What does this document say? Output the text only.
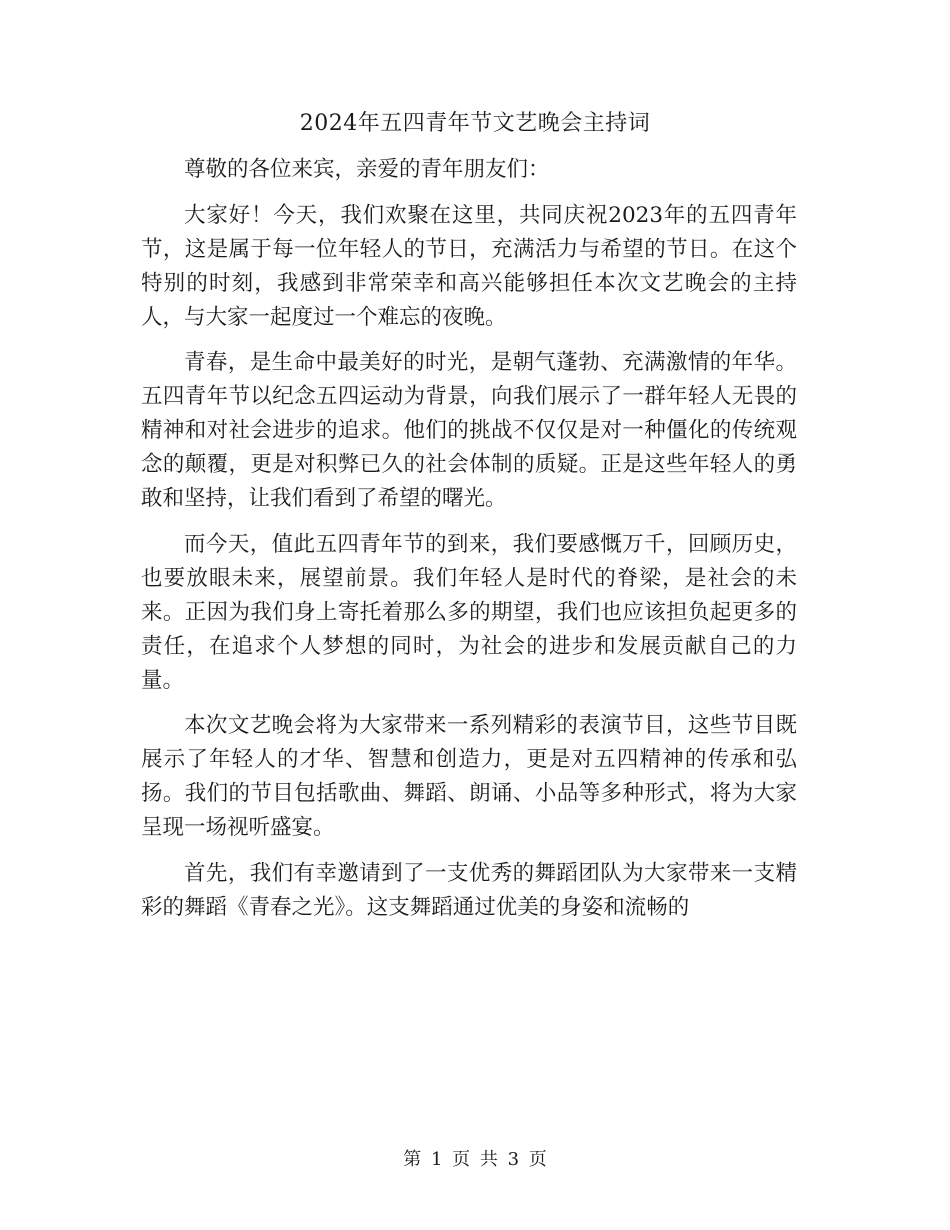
2024年五四青年节文艺晚会主持词

尊敬的各位来宾，亲爱的青年朋友们：

大家好！今天，我们欢聚在这里，共同庆祝2023年的五四青年节，这是属于每一位年轻人的节日，充满活力与希望的节日。在这个特别的时刻，我感到非常荣幸和高兴能够担任本次文艺晚会的主持人，与大家一起度过一个难忘的夜晚。

青春，是生命中最美好的时光，是朝气蓬勃、充满激情的年华。五四青年节以纪念五四运动为背景，向我们展示了一群年轻人无畏的精神和对社会进步的追求。他们的挑战不仅仅是对一种僵化的传统观念的颠覆，更是对积弊已久的社会体制的质疑。正是这些年轻人的勇敢和坚持，让我们看到了希望的曙光。

而今天，值此五四青年节的到来，我们要感慨万千，回顾历史，也要放眼未来，展望前景。我们年轻人是时代的脊梁，是社会的未来。正因为我们身上寄托着那么多的期望，我们也应该担负起更多的责任，在追求个人梦想的同时，为社会的进步和发展贡献自己的力量。

本次文艺晚会将为大家带来一系列精彩的表演节目，这些节目既展示了年轻人的才华、智慧和创造力，更是对五四精神的传承和弘扬。我们的节目包括歌曲、舞蹈、朗诵、小品等多种形式，将为大家呈现一场视听盛宴。

首先，我们有幸邀请到了一支优秀的舞蹈团队为大家带来一支精彩的舞蹈《青春之光》。这支舞蹈通过优美的身姿和流畅的

第 1 页 共 3 页
